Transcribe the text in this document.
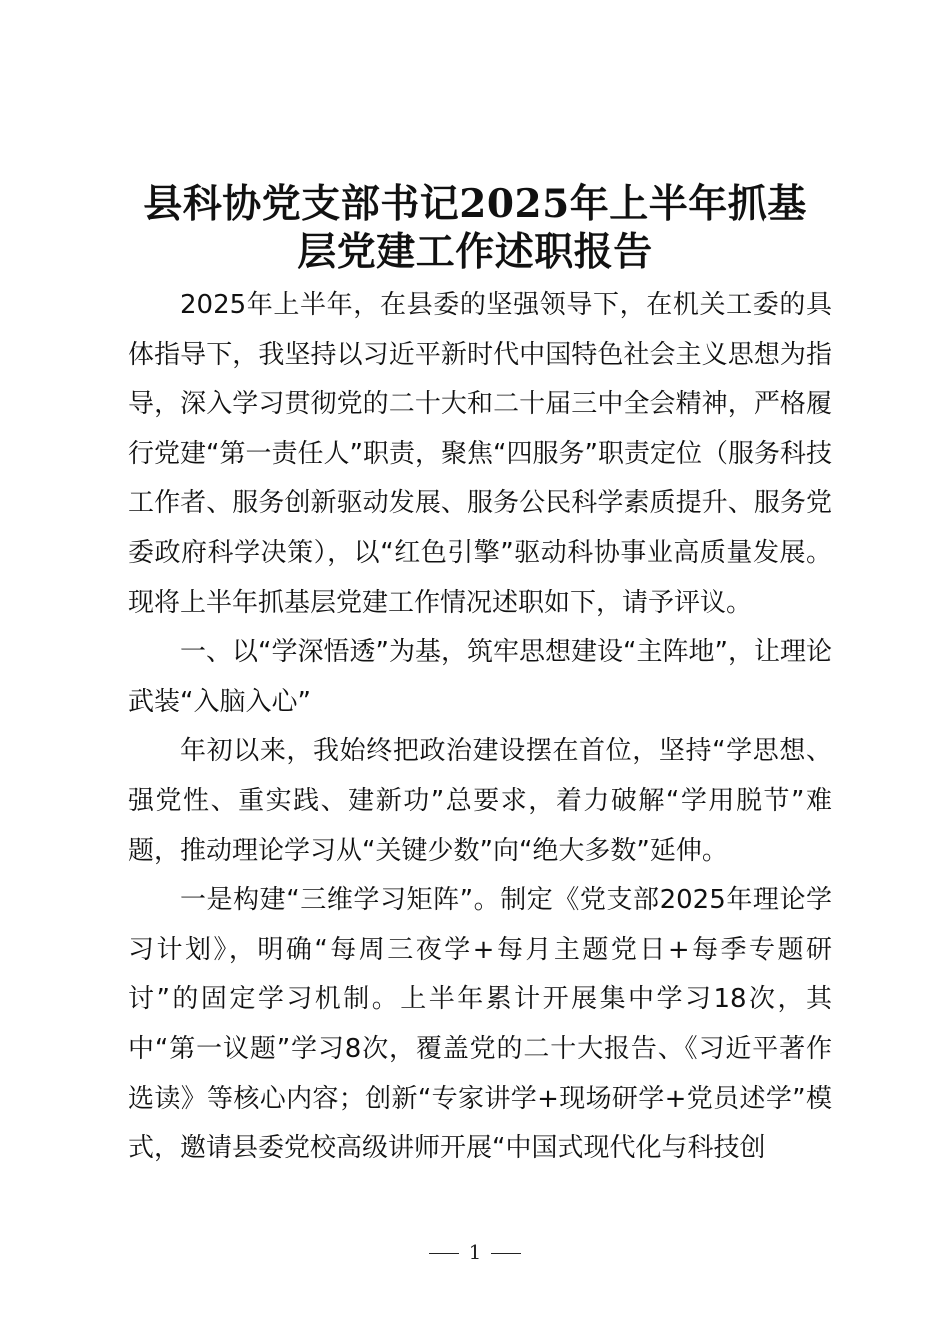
县科协党支部书记2025年上半年抓基
层党建工作述职报告

2025年上半年，在县委的坚强领导下，在机关工委的具体指导下，我坚持以习近平新时代中国特色社会主义思想为指导，深入学习贯彻党的二十大和二十届三中全会精神，严格履行党建“第一责任人”职责，聚焦“四服务”职责定位（服务科技工作者、服务创新驱动发展、服务公民科学素质提升、服务党委政府科学决策），以“红色引擎”驱动科协事业高质量发展。现将上半年抓基层党建工作情况述职如下，请予评议。

一、以“学深悟透”为基，筑牢思想建设“主阵地”，让理论武装“入脑入心”

年初以来，我始终把政治建设摆在首位，坚持“学思想、强党性、重实践、建新功”总要求，着力破解“学用脱节”难题，推动理论学习从“关键少数”向“绝大多数”延伸。

一是构建“三维学习矩阵”。制定《党支部2025年理论学习计划》，明确“每周三夜学+每月主题党日+每季专题研讨”的固定学习机制。上半年累计开展集中学习18次，其中“第一议题”学习8次，覆盖党的二十大报告、《习近平著作选读》等核心内容；创新“专家讲学+现场研学+党员述学”模式，邀请县委党校高级讲师开展“中国式现代化与科技创

1
